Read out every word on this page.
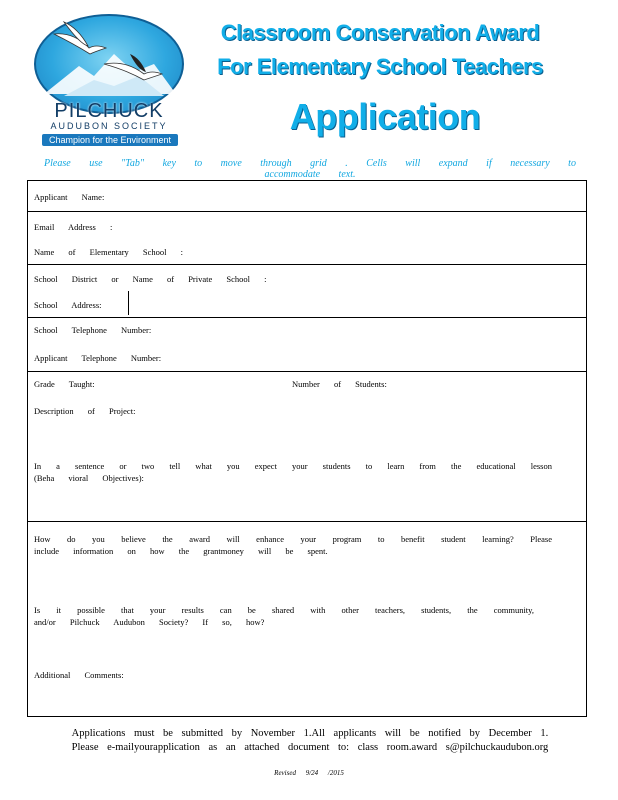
PILCHUCK
AUDUBON SOCIETY
Champion for the Environment
Classroom Conservation Award
For Elementary School Teachers
Application
Please use "Tab" key to move through grid . Cells will expand if necessary to accommodate text.
Applicant Name:
Email Address :
Name of Elementary School :
School District or Name of Private School :
School Address:
School Telephone Number:
Applicant Telephone Number:
Grade Taught:	Number of Students:
Description of Project:
In a sentence or two tell what you expect your students to learn from the educational lesson (Beha vioral Objectives):
How do you believe the award will enhance your program to benefit student learning? Please include information on how the grantmoney will be spent.
Is it possible that your results can be shared with other teachers, students, the community, and/or Pilchuck Audubon Society? If so, how?
Additional Comments:
Applications must be submitted by November 1.All applicants will be notified by December 1.
Please e-mailyourapplication as an attached document to: class room.award s@pilchuckaudubon.org
Revised 9/24 /2015
